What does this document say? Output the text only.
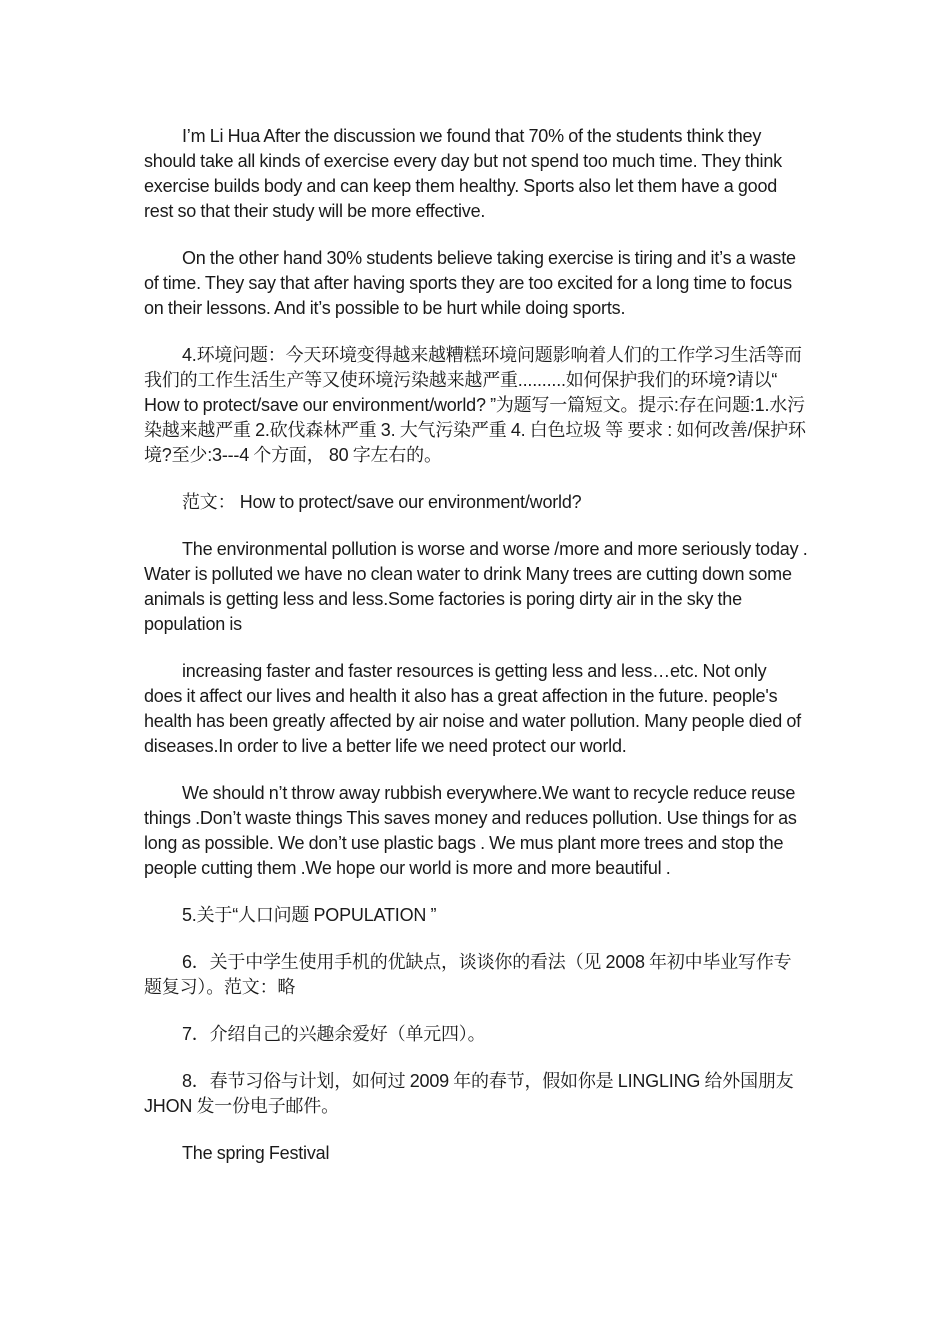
I’m Li Hua After the discussion we found that 70% of the students think they should take all kinds of exercise every day but not spend too much time. They think exercise builds body and can keep them healthy. Sports also let them have a good rest so that their study will be more effective.

On the other hand 30% students believe taking exercise is tiring and it’s a waste of time. They say that after having sports they are too excited for a long time to focus on their lessons. And it’s possible to be hurt while doing sports.

4.环境问题：今天环境变得越来越糟糕环境问题影响着人们的工作学习生活等而我们的工作生活生产等又使环境污染越来越严重..........如何保护我们的环境?请以“ How to protect/save our environment/world? ”为题写一篇短文。提示:存在问题:1.水污染越来越严重 2.砍伐森林严重 3. 大气污染严重 4. 白色垃圾 等 要求 : 如何改善/保护环境?至少:3---4 个方面， 80 字左右的。

范文： How to protect/save our environment/world?

The environmental pollution is worse and worse /more and more seriously today . Water is polluted we have no clean water to drink Many trees are cutting down some animals is getting less and less.Some factories is poring dirty air in the sky the population is

increasing faster and faster resources is getting less and less…etc. Not only does it affect our lives and health it also has a great affection in the future. people's health has been greatly affected by air noise and water pollution. Many people died of diseases.In order to live a better life we need protect our world.

We should n’t throw away rubbish everywhere.We want to recycle reduce reuse things .Don’t waste things This saves money and reduces pollution. Use things for as long as possible. We don’t use plastic bags . We mus plant more trees and stop the people cutting them .We hope our world is more and more beautiful .

5.关于“人口问题 POPULATION ”

6．关于中学生使用手机的优缺点，谈谈你的看法（见 2008 年初中毕业写作专题复习）。范文：略

7．介绍自己的兴趣余爱好（单元四）。

8．春节习俗与计划，如何过 2009 年的春节，假如你是 LINGLING 给外国朋友 JHON 发一份电子邮件。

The spring Festival
